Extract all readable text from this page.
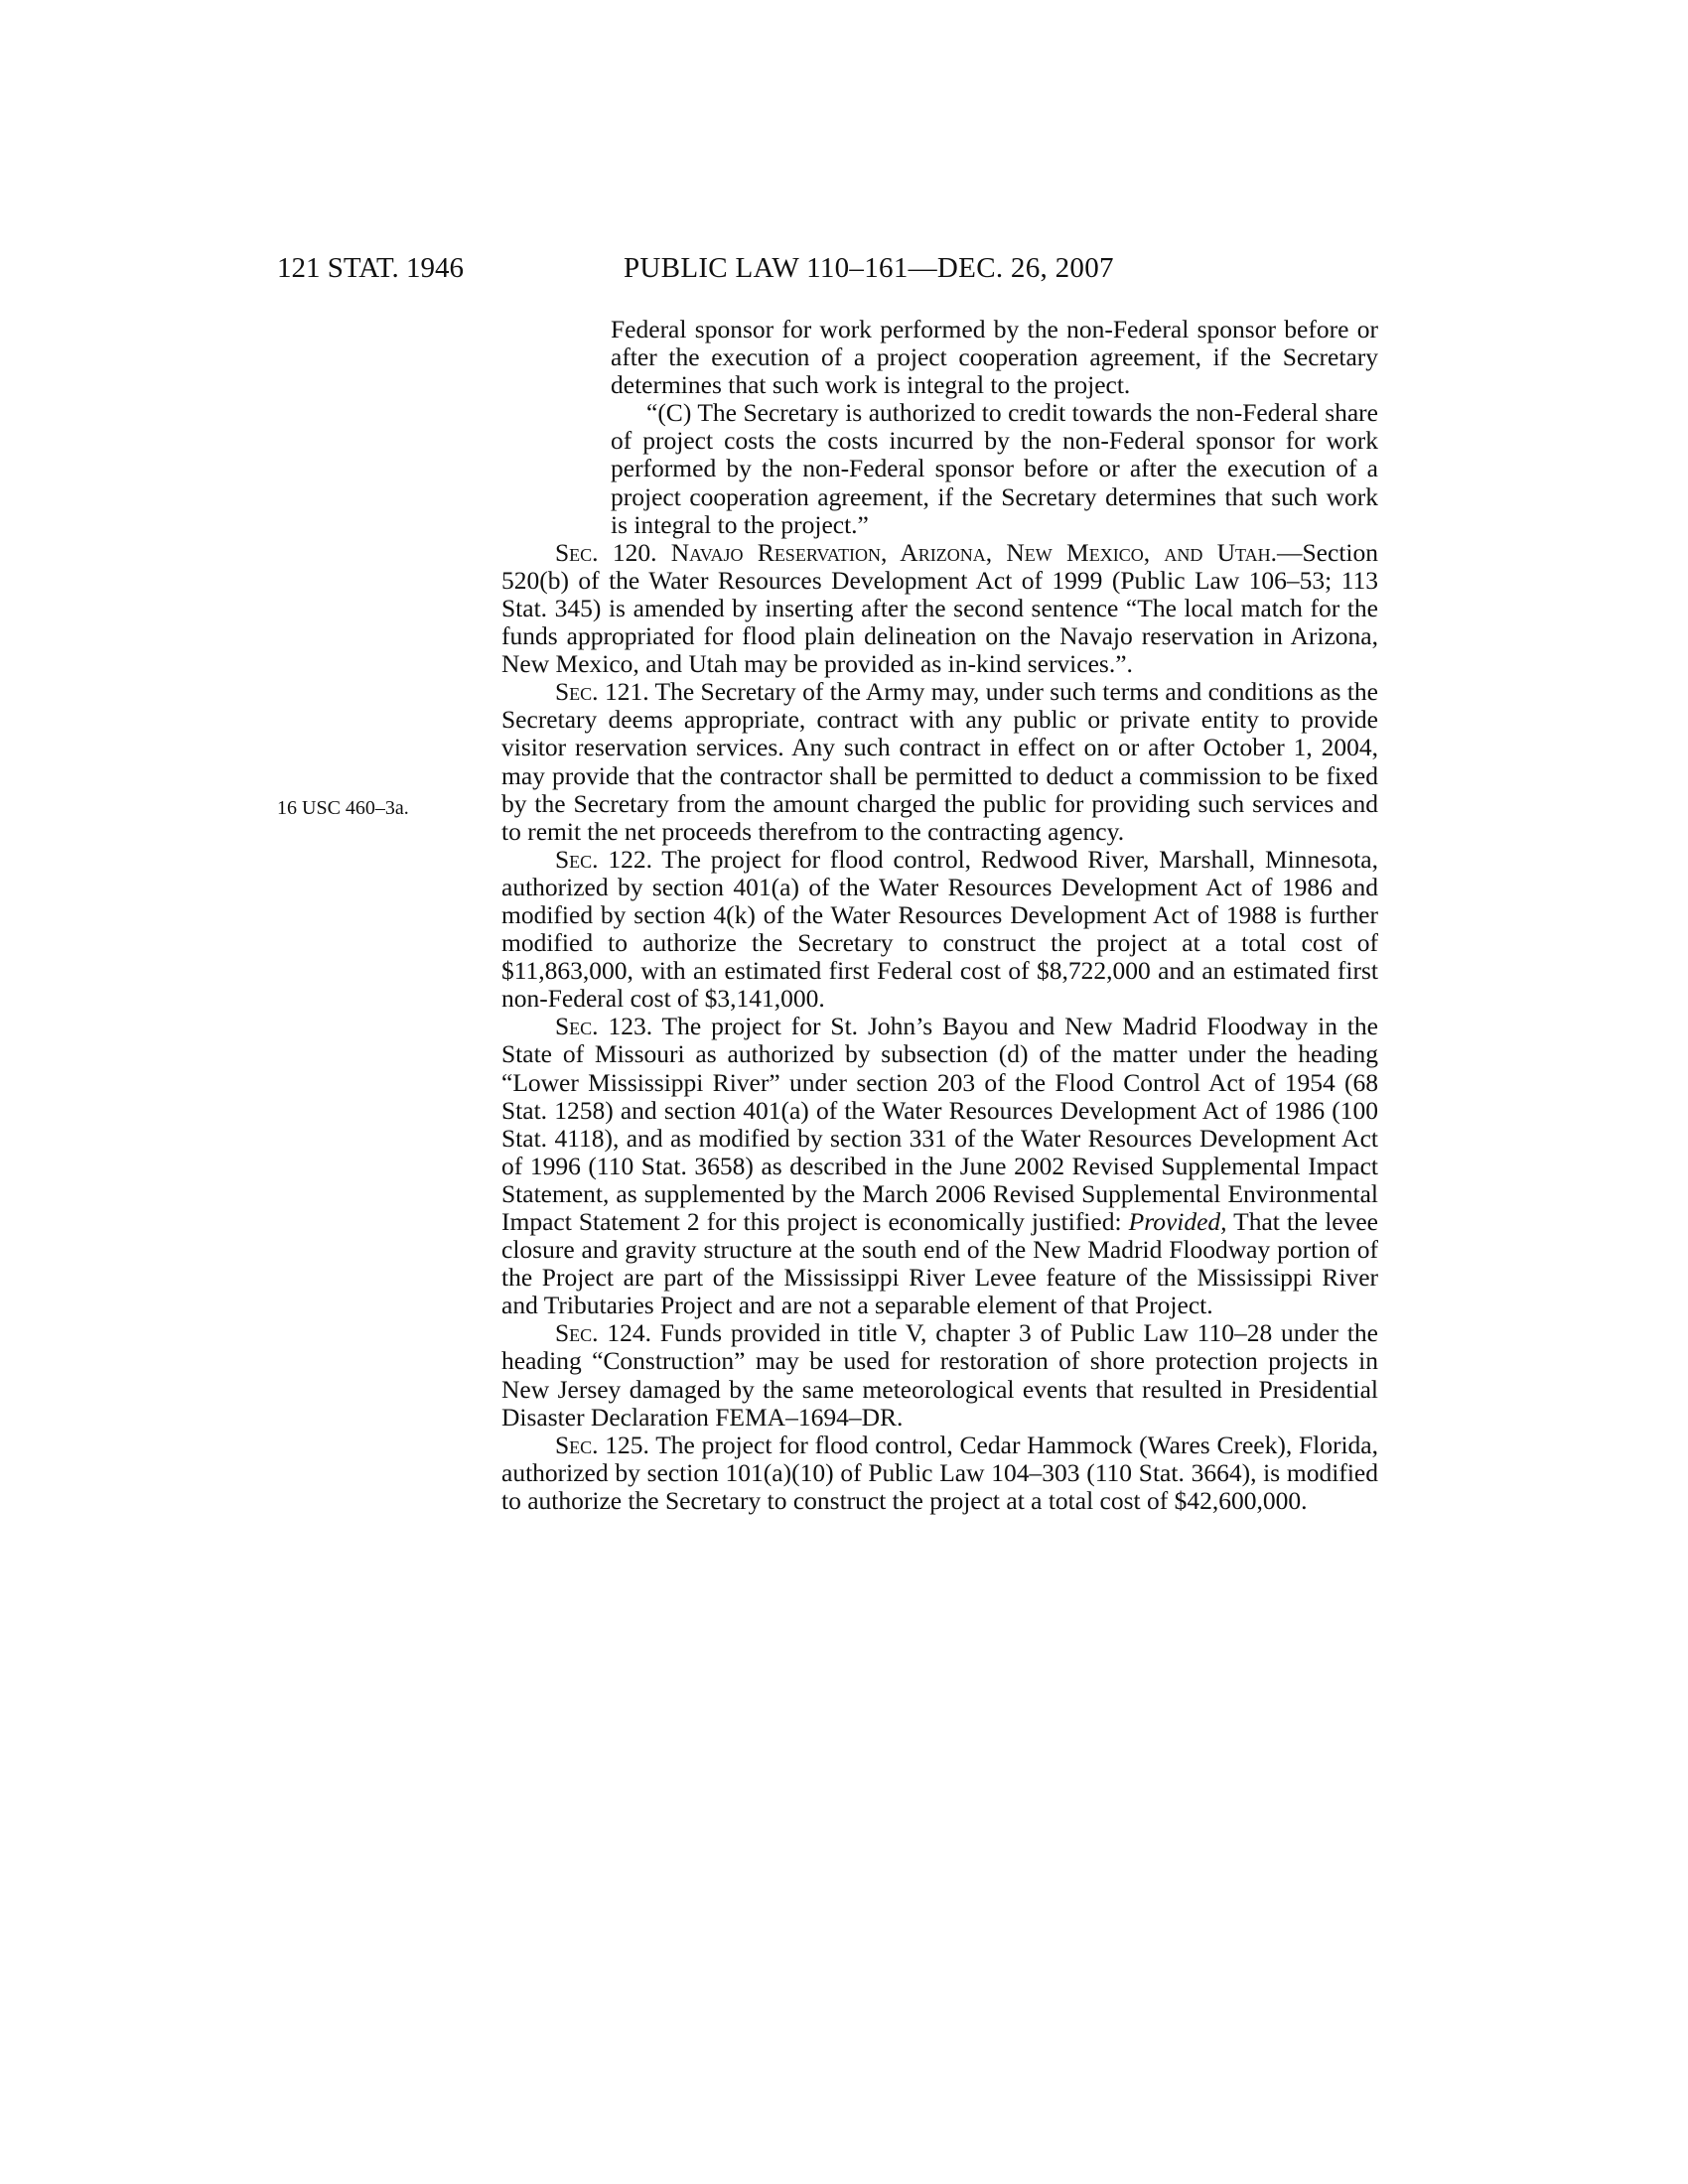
121 STAT. 1946	PUBLIC LAW 110–161—DEC. 26, 2007
16 USC 460–3a.

Federal sponsor for work performed by the non-Federal sponsor before or after the execution of a project cooperation agreement, if the Secretary determines that such work is integral to the project.

“(C) The Secretary is authorized to credit towards the non-Federal share of project costs the costs incurred by the non-Federal sponsor for work performed by the non-Federal sponsor before or after the execution of a project cooperation agreement, if the Secretary determines that such work is integral to the project.”

Sec. 120. Navajo Reservation, Arizona, New Mexico, and Utah.—Section 520(b) of the Water Resources Development Act of 1999 (Public Law 106–53; 113 Stat. 345) is amended by inserting after the second sentence “The local match for the funds appropriated for flood plain delineation on the Navajo reservation in Arizona, New Mexico, and Utah may be provided as in-kind services.”.

Sec. 121. The Secretary of the Army may, under such terms and conditions as the Secretary deems appropriate, contract with any public or private entity to provide visitor reservation services. Any such contract in effect on or after October 1, 2004, may provide that the contractor shall be permitted to deduct a commission to be fixed by the Secretary from the amount charged the public for providing such services and to remit the net proceeds therefrom to the contracting agency.

Sec. 122. The project for flood control, Redwood River, Marshall, Minnesota, authorized by section 401(a) of the Water Resources Development Act of 1986 and modified by section 4(k) of the Water Resources Development Act of 1988 is further modified to authorize the Secretary to construct the project at a total cost of $11,863,000, with an estimated first Federal cost of $8,722,000 and an estimated first non-Federal cost of $3,141,000.

Sec. 123. The project for St. John’s Bayou and New Madrid Floodway in the State of Missouri as authorized by subsection (d) of the matter under the heading “Lower Mississippi River” under section 203 of the Flood Control Act of 1954 (68 Stat. 1258) and section 401(a) of the Water Resources Development Act of 1986 (100 Stat. 4118), and as modified by section 331 of the Water Resources Development Act of 1996 (110 Stat. 3658) as described in the June 2002 Revised Supplemental Impact Statement, as supplemented by the March 2006 Revised Supplemental Environmental Impact Statement 2 for this project is economically justified: Provided, That the levee closure and gravity structure at the south end of the New Madrid Floodway portion of the Project are part of the Mississippi River Levee feature of the Mississippi River and Tributaries Project and are not a separable element of that Project.

Sec. 124. Funds provided in title V, chapter 3 of Public Law 110–28 under the heading “Construction” may be used for restoration of shore protection projects in New Jersey damaged by the same meteorological events that resulted in Presidential Disaster Declaration FEMA–1694–DR.

Sec. 125. The project for flood control, Cedar Hammock (Wares Creek), Florida, authorized by section 101(a)(10) of Public Law 104–303 (110 Stat. 3664), is modified to authorize the Secretary to construct the project at a total cost of $42,600,000.
